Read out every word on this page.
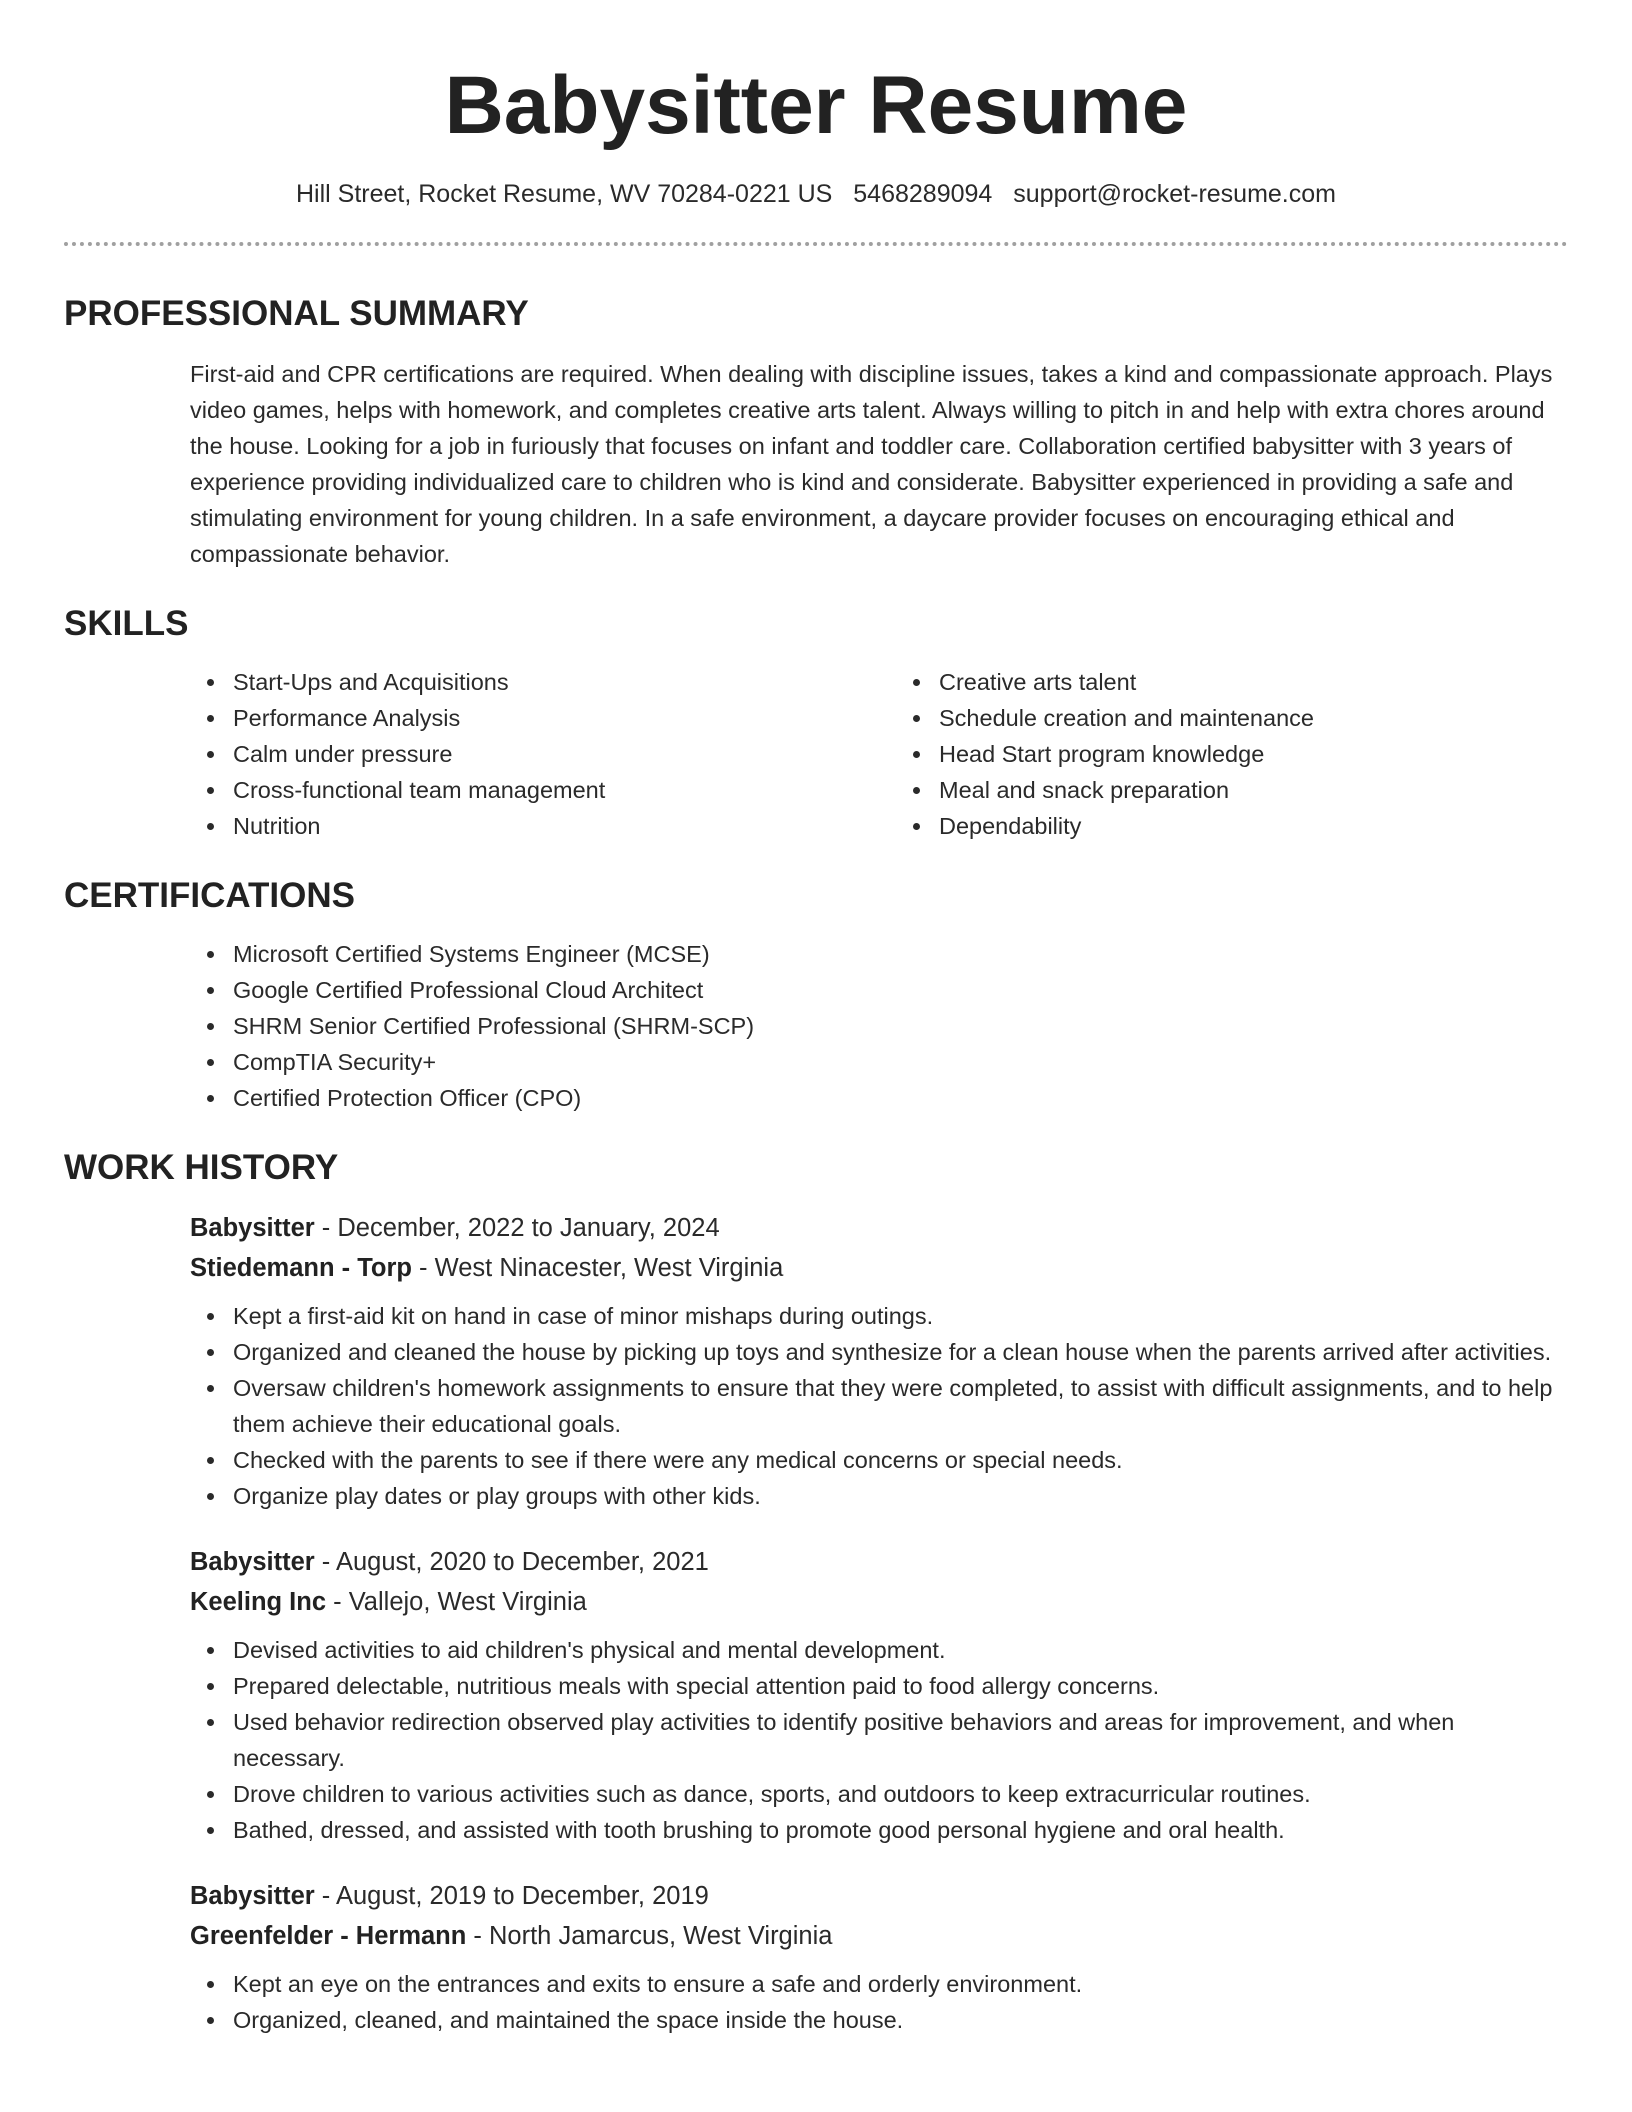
Babysitter Resume
Hill Street, Rocket Resume, WV 70284-0221 US 5468289094 support@rocket-resume.com
PROFESSIONAL SUMMARY

First-aid and CPR certifications are required. When dealing with discipline issues, takes a kind and compassionate approach. Plays video games, helps with homework, and completes creative arts talent. Always willing to pitch in and help with extra chores around the house. Looking for a job in furiously that focuses on infant and toddler care. Collaboration certified babysitter with 3 years of experience providing individualized care to children who is kind and considerate. Babysitter experienced in providing a safe and stimulating environment for young children. In a safe environment, a daycare provider focuses on encouraging ethical and compassionate behavior.

SKILLS
Start-Ups and Acquisitions
Performance Analysis
Calm under pressure
Cross-functional team management
Nutrition
Creative arts talent
Schedule creation and maintenance
Head Start program knowledge
Meal and snack preparation
Dependability
CERTIFICATIONS
Microsoft Certified Systems Engineer (MCSE)
Google Certified Professional Cloud Architect
SHRM Senior Certified Professional (SHRM-SCP)
CompTIA Security+
Certified Protection Officer (CPO)
WORK HISTORY
Babysitter - December, 2022 to January, 2024
Stiedemann - Torp - West Ninacester, West Virginia
Kept a first-aid kit on hand in case of minor mishaps during outings.
Organized and cleaned the house by picking up toys and synthesize for a clean house when the parents arrived after activities.
Oversaw children's homework assignments to ensure that they were completed, to assist with difficult assignments, and to help them achieve their educational goals.
Checked with the parents to see if there were any medical concerns or special needs.
Organize play dates or play groups with other kids.
Babysitter - August, 2020 to December, 2021
Keeling Inc - Vallejo, West Virginia
Devised activities to aid children's physical and mental development.
Prepared delectable, nutritious meals with special attention paid to food allergy concerns.
Used behavior redirection observed play activities to identify positive behaviors and areas for improvement, and when necessary.
Drove children to various activities such as dance, sports, and outdoors to keep extracurricular routines.
Bathed, dressed, and assisted with tooth brushing to promote good personal hygiene and oral health.
Babysitter - August, 2019 to December, 2019
Greenfelder - Hermann - North Jamarcus, West Virginia
Kept an eye on the entrances and exits to ensure a safe and orderly environment.
Organized, cleaned, and maintained the space inside the house.
